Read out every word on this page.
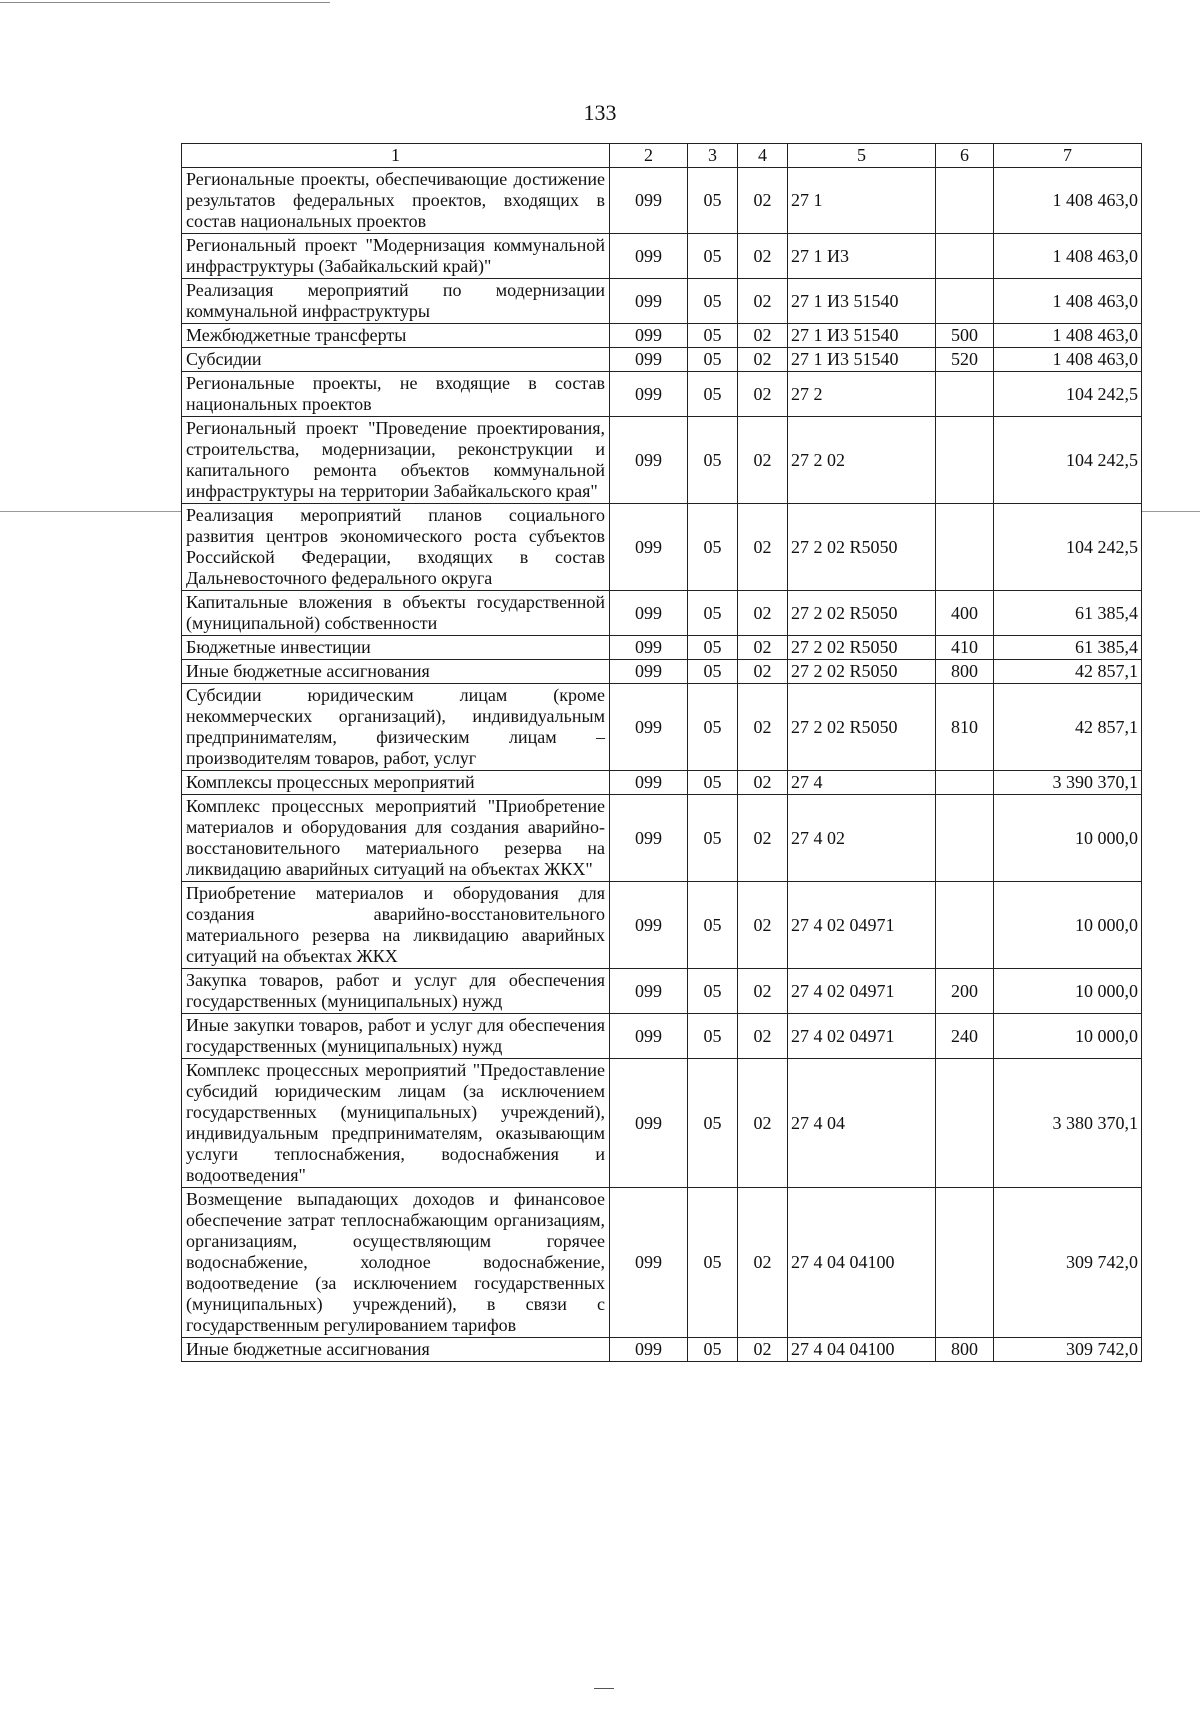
133
1	2	3	4	5	6	7
Региональные проекты, обеспечивающие достижение результатов федеральных проектов, входящих в состав национальных проектов	099	05	02	27 1		1 408 463,0
Региональный проект "Модернизация коммунальной инфраструктуры (Забайкальский край)"	099	05	02	27 1 И3		1 408 463,0
Реализация мероприятий по модернизации коммунальной инфраструктуры	099	05	02	27 1 И3 51540		1 408 463,0
Межбюджетные трансферты	099	05	02	27 1 И3 51540	500	1 408 463,0
Субсидии	099	05	02	27 1 И3 51540	520	1 408 463,0
Региональные проекты, не входящие в состав национальных проектов	099	05	02	27 2		104 242,5
Региональный проект "Проведение проектирования, строительства, модернизации, реконструкции и капитального ремонта объектов коммунальной инфраструктуры на территории Забайкальского края"	099	05	02	27 2 02		104 242,5
Реализация мероприятий планов социального развития центров экономического роста субъектов Российской Федерации, входящих в состав Дальневосточного федерального округа	099	05	02	27 2 02 R5050		104 242,5
Капитальные вложения в объекты государственной (муниципальной) собственности	099	05	02	27 2 02 R5050	400	61 385,4
Бюджетные инвестиции	099	05	02	27 2 02 R5050	410	61 385,4
Иные бюджетные ассигнования	099	05	02	27 2 02 R5050	800	42 857,1
Субсидии юридическим лицам (кроме некоммерческих организаций), индивидуальным предпринимателям, физическим лицам – производителям товаров, работ, услуг	099	05	02	27 2 02 R5050	810	42 857,1
Комплексы процессных мероприятий	099	05	02	27 4		3 390 370,1
Комплекс процессных мероприятий "Приобретение материалов и оборудования для создания аварийно-восстановительного материального резерва на ликвидацию аварийных ситуаций на объектах ЖКХ"	099	05	02	27 4 02		10 000,0
Приобретение материалов и оборудования для создания аварийно-восстановительного материального резерва на ликвидацию аварийных ситуаций на объектах ЖКХ	099	05	02	27 4 02 04971		10 000,0
Закупка товаров, работ и услуг для обеспечения государственных (муниципальных) нужд	099	05	02	27 4 02 04971	200	10 000,0
Иные закупки товаров, работ и услуг для обеспечения государственных (муниципальных) нужд	099	05	02	27 4 02 04971	240	10 000,0
Комплекс процессных мероприятий "Предоставление субсидий юридическим лицам (за исключением государственных (муниципальных) учреждений), индивидуальным предпринимателям, оказывающим услуги теплоснабжения, водоснабжения и водоотведения"	099	05	02	27 4 04		3 380 370,1
Возмещение выпадающих доходов и финансовое обеспечение затрат теплоснабжающим организациям, организациям, осуществляющим горячее водоснабжение, холодное водоснабжение, водоотведение (за исключением государственных (муниципальных) учреждений), в связи с государственным регулированием тарифов	099	05	02	27 4 04 04100		309 742,0
Иные бюджетные ассигнования	099	05	02	27 4 04 04100	800	309 742,0
